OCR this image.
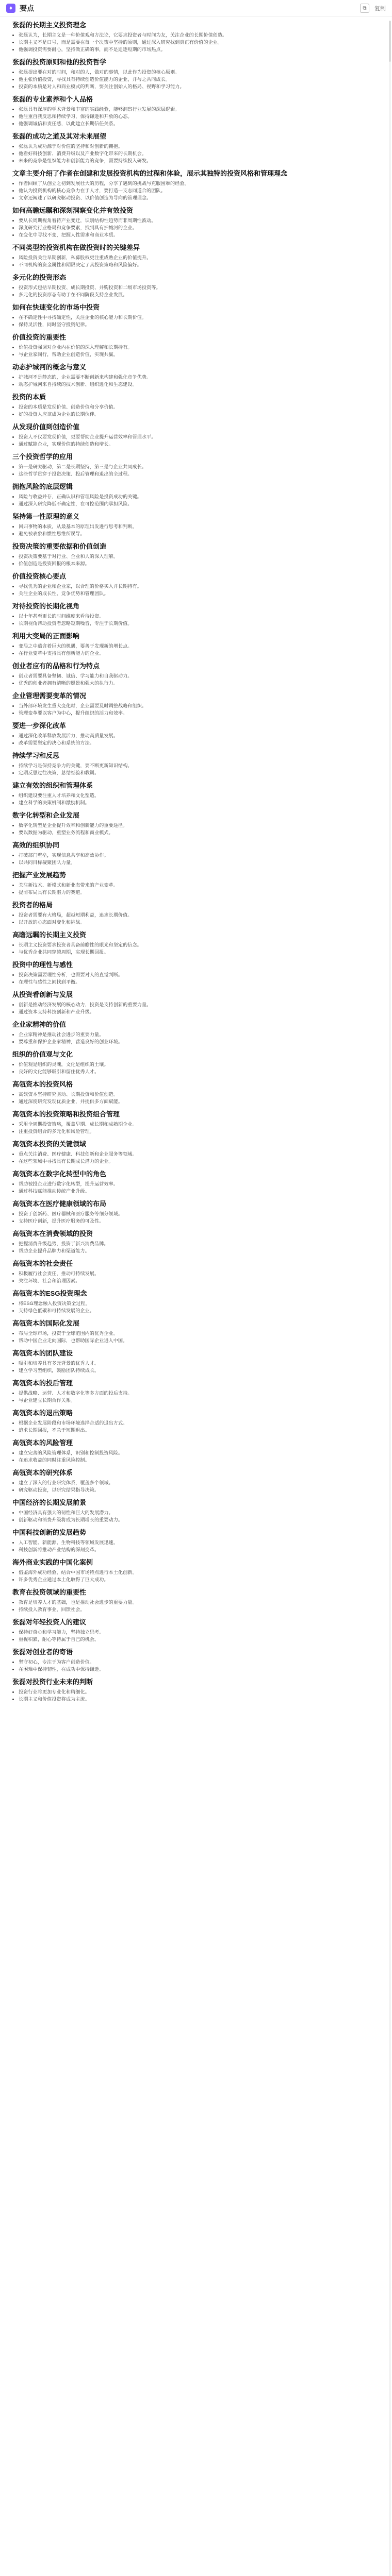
✦ 要点	⧉	复制
张磊的长期主义投资理念
• 张磊认为，长期主义是一种价值观和方法论，它要求投资者与时间为友，关注企业的长期价值创造。
• 长期主义不是口号，而是需要在每一个决策中坚持的原则，通过深入研究找到真正有价值的企业。
• 他强调投资需要耐心，坚持做正确的事，而不是追逐短期的市场热点。
张磊的投资原则和他的投资哲学
• 张磊提出要在对的时间，和对的人，做对的事情，以此作为投资的核心原则。
• 他主张价值投资，寻找具有持续创造价值能力的企业，并与之共同成长。
• 投资的本质是对人和商业模式的判断，要关注创始人的格局、视野和学习能力。
张磊的专业素养和个人品格
• 张磊具有深厚的学术背景和丰富的实践经验，能够洞察行业发展的深层逻辑。
• 他注重自我反思和持续学习，保持谦逊和开放的心态。
• 他强调诚信和责任感，以此建立长期信任关系。
张磊的成功之道及其对未来展望
• 张磊认为成功源于对价值的坚持和对创新的拥抱。
• 他看好科技创新、消费升级以及产业数字化带来的长期机会。
• 未来的竞争是组织能力和创新能力的竞争，需要持续投入研发。
文章主要介绍了作者在创建和发展投资机构的过程和体验，展示其独特的投资风格和管理理念
• 作者回顾了从创立之初到发展壮大的历程，分享了遇到的挑战与克服困难的经验。
• 他认为投资机构的核心竞争力在于人才，要打造一支志同道合的团队。
• 文章还阐述了以研究驱动投资、以价值创造为导向的管理理念。
如何高瞻远瞩和深刻洞察变化并有效投资
• 要从长周期视角看待产业变迁，识别结构性趋势而非周期性波动。
• 深度研究行业格局和竞争要素，找到具有护城河的企业。
• 在变化中寻找不变，把握人性需求和商业本质。
不同类型的投资机构在做投资时的关键差异
• 风险投资关注早期创新，私募股权更注重成熟企业的价值提升。
• 不同机构的资金属性和期限决定了其投资策略和风险偏好。
多元化的投资形态
• 投资形式包括早期投资、成长期投资、并购投资和二级市场投资等。
• 多元化的投资形态有助于在不同阶段支持企业发展。
如何在快速变化的市场中投资
• 在不确定性中寻找确定性，关注企业的核心能力和长期价值。
• 保持灵活性，同时坚守投资纪律。
价值投资的重要性
• 价值投资强调对企业内在价值的深入理解和长期持有。
• 与企业家同行，帮助企业创造价值，实现共赢。
动态护城河的概念与意义
• 护城河不是静态的，企业需要不断创新来构建和强化竞争优势。
• 动态护城河来自持续的技术创新、组织进化和生态建设。
投资的本质
• 投资的本质是发现价值、创造价值和分享价值。
• 好的投资人应该成为企业的长期伙伴。
从发现价值到创造价值
• 投资人不仅要发现价值，更要帮助企业提升运营效率和管理水平。
• 通过赋能企业，实现价值的持续创造和增长。
三个投资哲学的应用
• 第一是研究驱动，第二是长期坚持，第三是与企业共同成长。
• 这些哲学贯穿于投资决策、投后管理和退出的全过程。
拥抱风险的底层逻辑
• 风险与收益并存，正确认识和管理风险是投资成功的关键。
• 通过深入研究降低不确定性，在可控范围内承担风险。
坚持第一性原理的意义
• 回归事物的本质，从最基本的原理出发进行思考和判断。
• 避免被表象和惯性思维所误导。
投资决策的重要依据和价值创造
• 投资决策要基于对行业、企业和人的深入理解。
• 价值创造是投资回报的根本来源。
价值投资核心要点
• 寻找优秀的企业和企业家，以合理的价格买入并长期持有。
• 关注企业的成长性、竞争优势和管理团队。
对待投资的长期化视角
• 以十年甚至更长的时间维度来看待投资。
• 长期视角帮助投资者忽略短期噪音，专注于长期价值。
利用大变局的正面影响
• 变局之中蕴含着巨大的机遇，要善于发现新的增长点。
• 在行业变革中支持具有创新能力的企业。
创业者应有的品格和行为特点
• 创业者需要具备坚韧、诚信、学习能力和自我驱动力。
• 优秀的创业者拥有清晰的愿景和强大的执行力。
企业管理需要变革的情况
• 当外部环境发生重大变化时，企业需要及时调整战略和组织。
• 管理变革要以客户为中心，提升组织的活力和效率。
要进一步深化改革
• 通过深化改革释放发展活力，推动高质量发展。
• 改革需要坚定的决心和系统的方法。
持续学习和反思
• 持续学习是保持竞争力的关键，要不断更新知识结构。
• 定期反思过往决策，总结经验和教训。
建立有效的组织和管理体系
• 组织建设要注重人才培养和文化塑造。
• 建立科学的决策机制和激励机制。
数字化转型和企业发展
• 数字化转型是企业提升效率和创新能力的重要途径。
• 要以数据为驱动，重塑业务流程和商业模式。
高效的组织协同
• 打破部门壁垒，实现信息共享和高效协作。
• 以共同目标凝聚团队力量。
把握产业发展趋势
• 关注新技术、新模式和新业态带来的产业变革。
• 提前布局具有长期潜力的赛道。
投资者的格局
• 投资者需要有大格局，超越短期利益，追求长期价值。
• 以开放的心态面对变化和挑战。
高瞻远瞩的长期主义投资
• 长期主义投资要求投资者具备前瞻性的眼光和坚定的信念。
• 与优秀企业共同穿越周期，实现长期回报。
投资中的理性与感性
• 投资决策需要理性分析，也需要对人的直觉判断。
• 在理性与感性之间找到平衡。
从投资看创新与发展
• 创新是推动经济发展的核心动力，投资是支持创新的重要力量。
• 通过资本支持科技创新和产业升级。
企业家精神的价值
• 企业家精神是推动社会进步的重要力量。
• 要尊重和保护企业家精神，营造良好的创业环境。
组织的价值观与文化
• 价值观是组织的灵魂，文化是组织的土壤。
• 良好的文化能够吸引和留住优秀人才。
高瓴资本的投资风格
• 高瓴资本坚持研究驱动、长期投资和价值创造。
• 通过深度研究发现优质企业，并提供多方面赋能。
高瓴资本的投资策略和投资组合管理
• 采用全周期投资策略，覆盖早期、成长期和成熟期企业。
• 注重投资组合的多元化和风险管理。
高瓴资本投资的关键领域
• 重点关注消费、医疗健康、科技创新和企业服务等领域。
• 在这些领域中寻找具有长期成长潜力的企业。
高瓴资本在数字化转型中的角色
• 帮助被投企业进行数字化转型，提升运营效率。
• 通过科技赋能推动传统产业升级。
高瓴资本在医疗健康领域的布局
• 投资于创新药、医疗器械和医疗服务等细分领域。
• 支持医疗创新，提升医疗服务的可及性。
高瓴资本在消费领域的投资
• 把握消费升级趋势，投资于新兴消费品牌。
• 帮助企业提升品牌力和渠道能力。
高瓴资本的社会责任
• 积极履行社会责任，推动可持续发展。
• 关注环境、社会和治理因素。
高瓴资本的ESG投资理念
• 将ESG理念融入投资决策全过程。
• 支持绿色低碳和可持续发展的企业。
高瓴资本的国际化发展
• 布局全球市场，投资于全球范围内的优秀企业。
• 帮助中国企业走向国际，也帮助国际企业进入中国。
高瓴资本的团队建设
• 吸引和培养具有多元背景的优秀人才。
• 建立学习型组织，鼓励团队持续成长。
高瓴资本的投后管理
• 提供战略、运营、人才和数字化等多方面的投后支持。
• 与企业建立长期合作关系。
高瓴资本的退出策略
• 根据企业发展阶段和市场环境选择合适的退出方式。
• 追求长期回报，不急于短期退出。
高瓴资本的风险管理
• 建立完善的风险管理体系，识别和控制投资风险。
• 在追求收益的同时注重风险控制。
高瓴资本的研究体系
• 建立了深入的行业研究体系，覆盖多个领域。
• 研究驱动投资，以研究结果指导决策。
中国经济的长期发展前景
• 中国经济具有强大的韧性和巨大的发展潜力。
• 创新驱动和消费升级将成为长期增长的重要动力。
中国科技创新的发展趋势
• 人工智能、新能源、生物科技等领域发展迅速。
• 科技创新将推动产业结构的深刻变革。
海外商业实践的中国化案例
• 借鉴海外成功经验，结合中国市场特点进行本土化创新。
• 许多优秀企业通过本土化取得了巨大成功。
教育在投资领域的重要性
• 教育是培养人才的基础，也是推动社会进步的重要力量。
• 持续投入教育事业，回馈社会。
张磊对年轻投资人的建议
• 保持好奇心和学习能力，坚持独立思考。
• 重视积累，耐心等待属于自己的机会。
张磊对创业者的寄语
• 坚守初心，专注于为客户创造价值。
• 在困难中保持韧性，在成功中保持谦逊。
张磊对投资行业未来的判断
• 投资行业将更加专业化和精细化。
• 长期主义和价值投资将成为主流。
